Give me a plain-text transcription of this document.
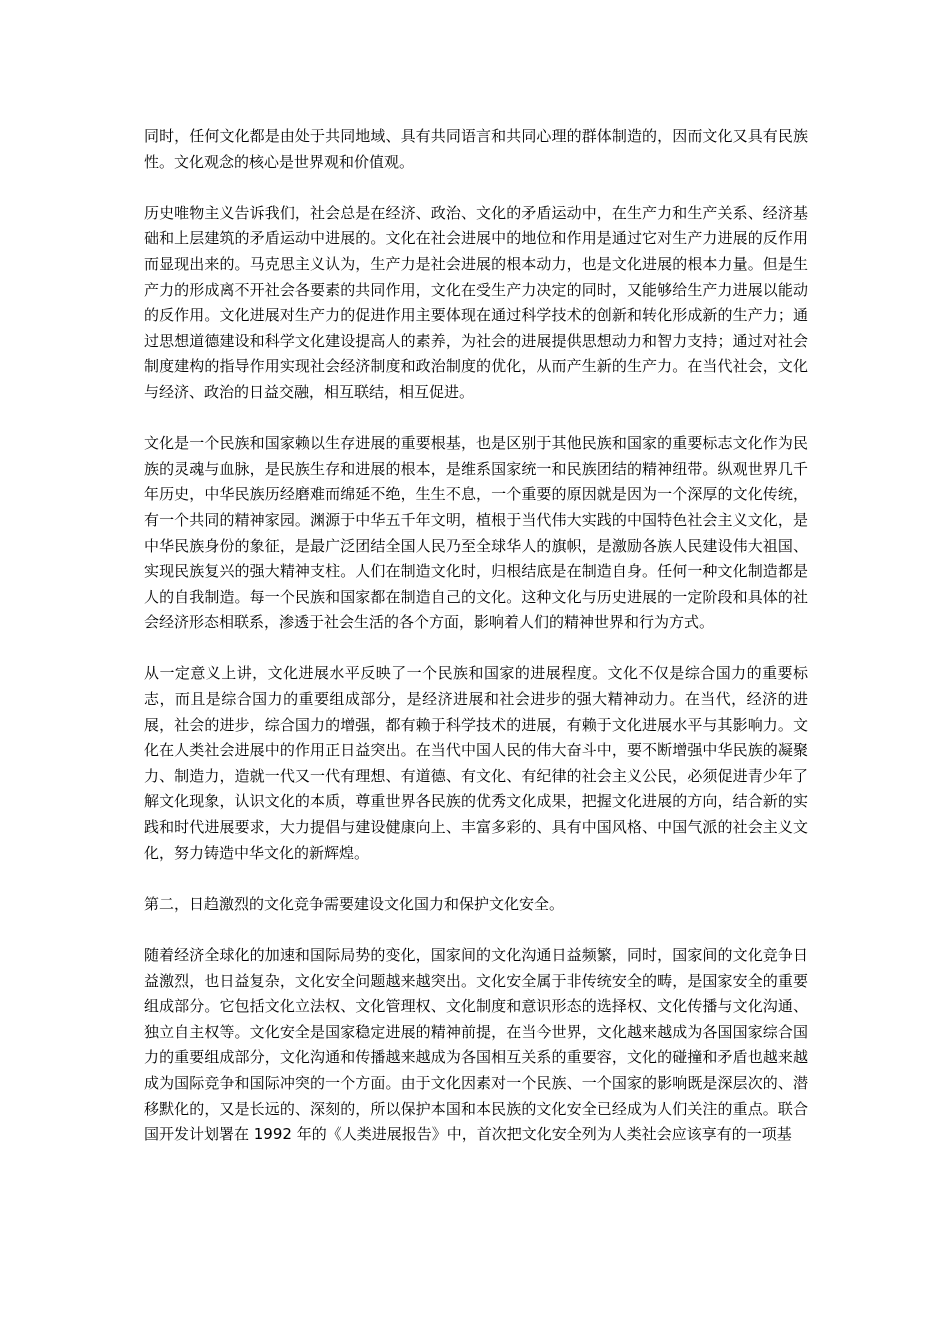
同时，任何文化都是由处于共同地域、具有共同语言和共同心理的群体制造的，因而文化又具有民族性。文化观念的核心是世界观和价值观。

历史唯物主义告诉我们，社会总是在经济、政治、文化的矛盾运动中，在生产力和生产关系、经济基础和上层建筑的矛盾运动中进展的。文化在社会进展中的地位和作用是通过它对生产力进展的反作用而显现出来的。马克思主义认为，生产力是社会进展的根本动力，也是文化进展的根本力量。但是生产力的形成离不开社会各要素的共同作用，文化在受生产力决定的同时，又能够给生产力进展以能动的反作用。文化进展对生产力的促进作用主要体现在通过科学技术的创新和转化形成新的生产力；通过思想道德建设和科学文化建设提高人的素养，为社会的进展提供思想动力和智力支持；通过对社会制度建构的指导作用实现社会经济制度和政治制度的优化，从而产生新的生产力。在当代社会，文化与经济、政治的日益交融，相互联结，相互促进。

文化是一个民族和国家赖以生存进展的重要根基，也是区别于其他民族和国家的重要标志文化作为民族的灵魂与血脉，是民族生存和进展的根本，是维系国家统一和民族团结的精神纽带。纵观世界几千年历史，中华民族历经磨难而绵延不绝，生生不息，一个重要的原因就是因为一个深厚的文化传统，有一个共同的精神家园。渊源于中华五千年文明，植根于当代伟大实践的中国特色社会主义文化，是中华民族身份的象征，是最广泛团结全国人民乃至全球华人的旗帜，是激励各族人民建设伟大祖国、实现民族复兴的强大精神支柱。人们在制造文化时，归根结底是在制造自身。任何一种文化制造都是人的自我制造。每一个民族和国家都在制造自己的文化。这种文化与历史进展的一定阶段和具体的社会经济形态相联系，渗透于社会生活的各个方面，影响着人们的精神世界和行为方式。

从一定意义上讲，文化进展水平反映了一个民族和国家的进展程度。文化不仅是综合国力的重要标志，而且是综合国力的重要组成部分，是经济进展和社会进步的强大精神动力。在当代，经济的进展，社会的进步，综合国力的增强，都有赖于科学技术的进展，有赖于文化进展水平与其影响力。文化在人类社会进展中的作用正日益突出。在当代中国人民的伟大奋斗中，要不断增强中华民族的凝聚力、制造力，造就一代又一代有理想、有道德、有文化、有纪律的社会主义公民，必须促进青少年了解文化现象，认识文化的本质，尊重世界各民族的优秀文化成果，把握文化进展的方向，结合新的实践和时代进展要求，大力提倡与建设健康向上、丰富多彩的、具有中国风格、中国气派的社会主义文化，努力铸造中华文化的新辉煌。

第二，日趋激烈的文化竞争需要建设文化国力和保护文化安全。

随着经济全球化的加速和国际局势的变化，国家间的文化沟通日益频繁，同时，国家间的文化竞争日益激烈，也日益复杂，文化安全问题越来越突出。文化安全属于非传统安全的畴，是国家安全的重要组成部分。它包括文化立法权、文化管理权、文化制度和意识形态的选择权、文化传播与文化沟通、独立自主权等。文化安全是国家稳定进展的精神前提，在当今世界，文化越来越成为各国国家综合国力的重要组成部分，文化沟通和传播越来越成为各国相互关系的重要容，文化的碰撞和矛盾也越来越成为国际竞争和国际冲突的一个方面。由于文化因素对一个民族、一个国家的影响既是深层次的、潜移默化的，又是长远的、深刻的，所以保护本国和本民族的文化安全已经成为人们关注的重点。联合国开发计划署在 1992 年的《人类进展报告》中，首次把文化安全列为人类社会应该享有的一项基
